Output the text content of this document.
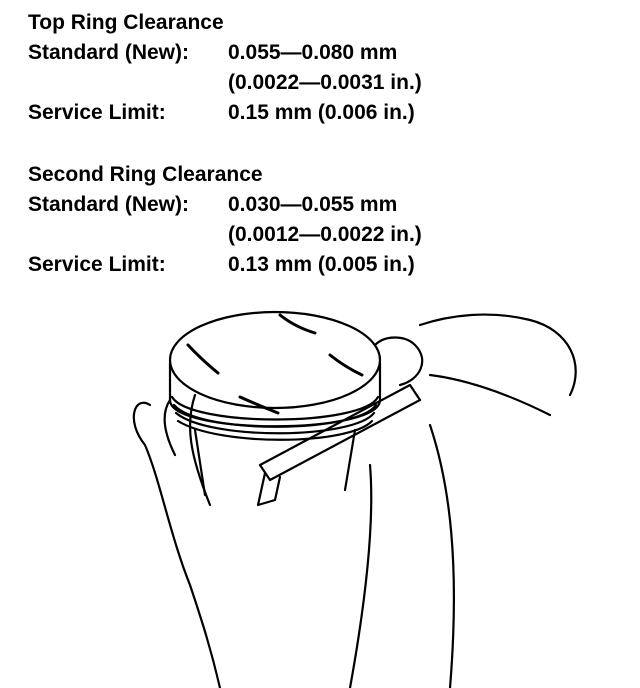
Top Ring Clearance
Standard (New):	0.055—0.080 mm
(0.0022—0.0031 in.)
Service Limit:	0.15 mm (0.006 in.)
Second Ring Clearance
Standard (New):	0.030—0.055 mm
(0.0012—0.0022 in.)
Service Limit:	0.13 mm (0.005 in.)
